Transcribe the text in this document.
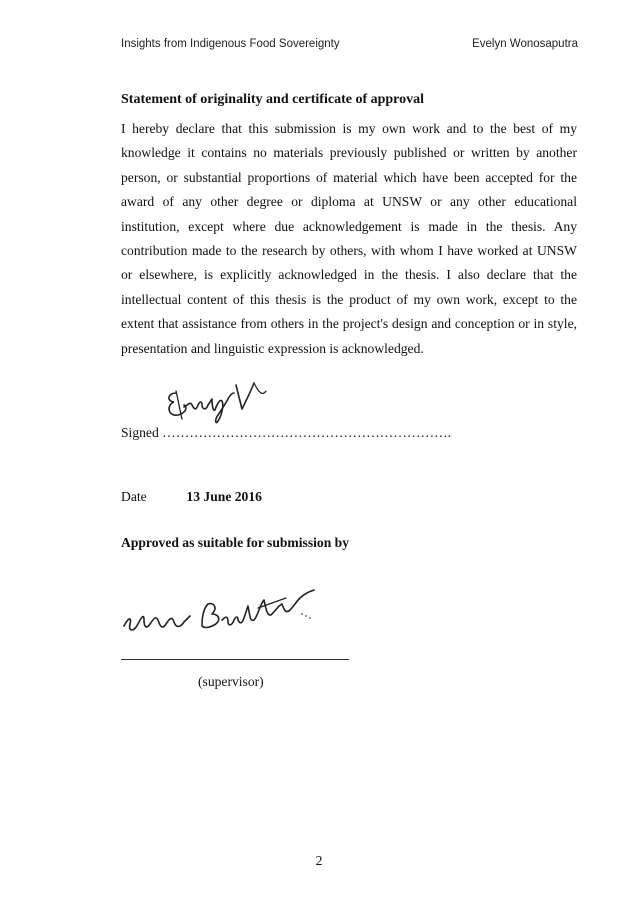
Insights from Indigenous Food Sovereignty	Evelyn Wonosaputra
Statement of originality and certificate of approval
I hereby declare that this submission is my own work and to the best of my knowledge it contains no materials previously published or written by another person, or substantial proportions of material which have been accepted for the award of any other degree or diploma at UNSW or any other educational institution, except where due acknowledgement is made in the thesis. Any contribution made to the research by others, with whom I have worked at UNSW or elsewhere, is explicitly acknowledged in the thesis. I also declare that the intellectual content of this thesis is the product of my own work, except to the extent that assistance from others in the project's design and conception or in style, presentation and linguistic expression is acknowledged.
Signed ……………………………………………………….
Date	13 June 2016
Approved as suitable for submission by
(supervisor)
2
